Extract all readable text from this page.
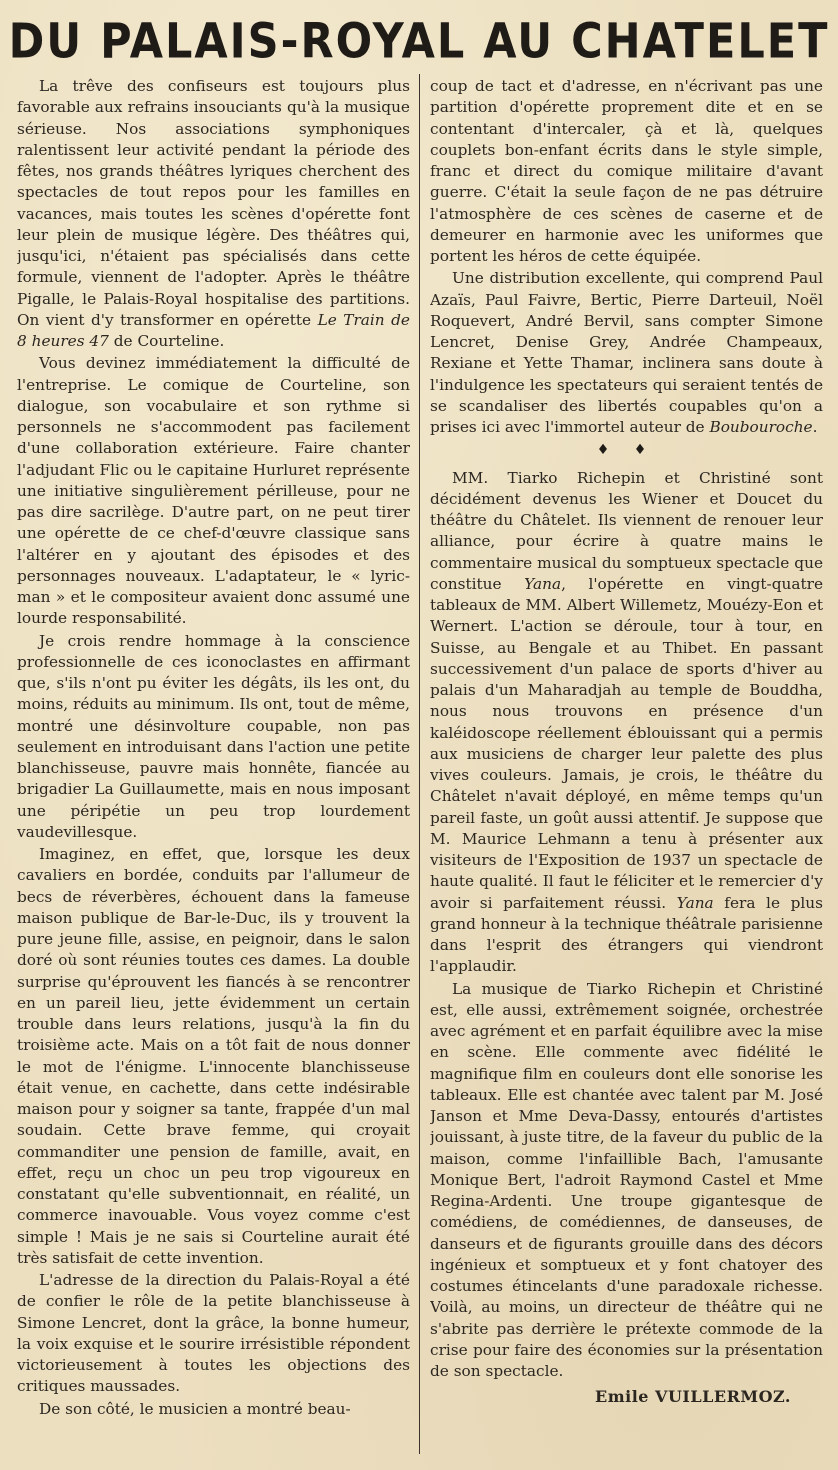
DU PALAIS-ROYAL AU CHATELET

La trêve des confiseurs est toujours plus favorable aux refrains insouciants qu'à la musique sérieuse. Nos associations symphoniques ralentissent leur activité pendant la période des fêtes, nos grands théâtres lyriques cherchent des spectacles de tout repos pour les familles en vacances, mais toutes les scènes d'opérette font leur plein de musique légère. Des théâtres qui, jusqu'ici, n'étaient pas spécialisés dans cette formule, viennent de l'adopter. Après le théâtre Pigalle, le Palais-Royal hospitalise des partitions. On vient d'y transformer en opérette Le Train de 8 heures 47 de Courteline.

Vous devinez immédiatement la difficulté de l'entreprise. Le comique de Courteline, son dialogue, son vocabulaire et son rythme si personnels ne s'accommodent pas facilement d'une collaboration extérieure. Faire chanter l'adjudant Flic ou le capitaine Hurluret représente une initiative singulièrement périlleuse, pour ne pas dire sacrilège. D'autre part, on ne peut tirer une opérette de ce chef-d'œuvre classique sans l'altérer en y ajoutant des épisodes et des personnages nouveaux. L'adaptateur, le « lyric-man » et le compositeur avaient donc assumé une lourde responsabilité.

Je crois rendre hommage à la conscience professionnelle de ces iconoclastes en affirmant que, s'ils n'ont pu éviter les dégâts, ils les ont, du moins, réduits au minimum. Ils ont, tout de même, montré une désinvolture coupable, non pas seulement en introduisant dans l'action une petite blanchisseuse, pauvre mais honnête, fiancée au brigadier La Guillaumette, mais en nous imposant une péripétie un peu trop lourdement vaudevillesque.

Imaginez, en effet, que, lorsque les deux cavaliers en bordée, conduits par l'allumeur de becs de réverbères, échouent dans la fameuse maison publique de Bar-le-Duc, ils y trouvent la pure jeune fille, assise, en peignoir, dans le salon doré où sont réunies toutes ces dames. La double surprise qu'éprouvent les fiancés à se rencontrer en un pareil lieu, jette évidemment un certain trouble dans leurs relations, jusqu'à la fin du troisième acte. Mais on a tôt fait de nous donner le mot de l'énigme. L'innocente blanchisseuse était venue, en cachette, dans cette indésirable maison pour y soigner sa tante, frappée d'un mal soudain. Cette brave femme, qui croyait commanditer une pension de famille, avait, en effet, reçu un choc un peu trop vigoureux en constatant qu'elle subventionnait, en réalité, un commerce inavouable. Vous voyez comme c'est simple ! Mais je ne sais si Courteline aurait été très satisfait de cette invention.

L'adresse de la direction du Palais-Royal a été de confier le rôle de la petite blanchisseuse à Simone Lencret, dont la grâce, la bonne humeur, la voix exquise et le sourire irrésistible répondent victorieusement à toutes les objections des critiques maussades.

De son côté, le musicien a montré beau-

coup de tact et d'adresse, en n'écrivant pas une partition d'opérette proprement dite et en se contentant d'intercaler, çà et là, quelques couplets bon-enfant écrits dans le style simple, franc et direct du comique militaire d'avant guerre. C'était la seule façon de ne pas détruire l'atmosphère de ces scènes de caserne et de demeurer en harmonie avec les uniformes que portent les héros de cette équipée.

Une distribution excellente, qui comprend Paul Azaïs, Paul Faivre, Bertic, Pierre Darteuil, Noël Roquevert, André Bervil, sans compter Simone Lencret, Denise Grey, Andrée Champeaux, Rexiane et Yette Thamar, inclinera sans doute à l'indulgence les spectateurs qui seraient tentés de se scandaliser des libertés coupables qu'on a prises ici avec l'immortel auteur de Boubouroche.

♦ ♦

MM. Tiarko Richepin et Christiné sont décidément devenus les Wiener et Doucet du théâtre du Châtelet. Ils viennent de renouer leur alliance, pour écrire à quatre mains le commentaire musical du somptueux spectacle que constitue Yana, l'opérette en vingt-quatre tableaux de MM. Albert Willemetz, Mouézy-Eon et Wernert. L'action se déroule, tour à tour, en Suisse, au Bengale et au Thibet. En passant successivement d'un palace de sports d'hiver au palais d'un Maharadjah au temple de Bouddha, nous nous trouvons en présence d'un kaléidoscope réellement éblouissant qui a permis aux musiciens de charger leur palette des plus vives couleurs. Jamais, je crois, le théâtre du Châtelet n'avait déployé, en même temps qu'un pareil faste, un goût aussi attentif. Je suppose que M. Maurice Lehmann a tenu à présenter aux visiteurs de l'Exposition de 1937 un spectacle de haute qualité. Il faut le féliciter et le remercier d'y avoir si parfaitement réussi. Yana fera le plus grand honneur à la technique théâtrale parisienne dans l'esprit des étrangers qui viendront l'applaudir.

La musique de Tiarko Richepin et Christiné est, elle aussi, extrêmement soignée, orchestrée avec agrément et en parfait équilibre avec la mise en scène. Elle commente avec fidélité le magnifique film en couleurs dont elle sonorise les tableaux. Elle est chantée avec talent par M. José Janson et Mme Deva-Dassy, entourés d'artistes jouissant, à juste titre, de la faveur du public de la maison, comme l'infaillible Bach, l'amusante Monique Bert, l'adroit Raymond Castel et Mme Regina-Ardenti. Une troupe gigantesque de comédiens, de comédiennes, de danseuses, de danseurs et de figurants grouille dans des décors ingénieux et somptueux et y font chatoyer des costumes étincelants d'une paradoxale richesse. Voilà, au moins, un directeur de théâtre qui ne s'abrite pas derrière le prétexte commode de la crise pour faire des économies sur la présentation de son spectacle.

Emile VUILLERMOZ.
